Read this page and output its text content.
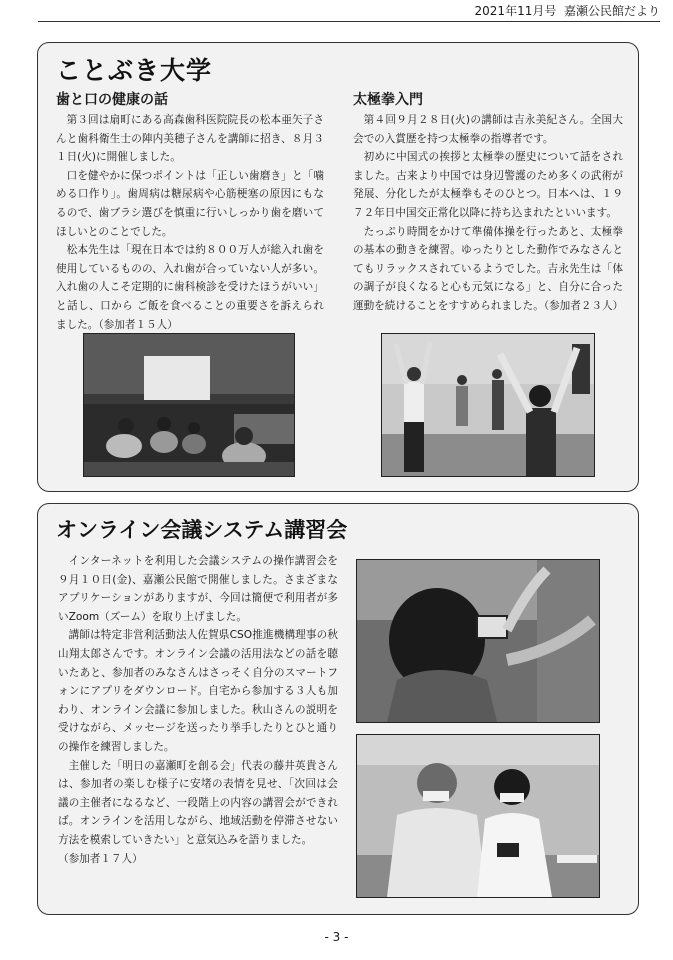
2021年11月号 嘉瀬公民館だより
ことぶき大学
歯と口の健康の話

第３回は扇町にある高森歯科医院院長の松本亜矢子さんと歯科衛生士の陣内美穂子さんを講師に招き、８月３１日(火)に開催しました。

口を健やかに保つポイントは「正しい歯磨き」と「噛める口作り」。歯周病は糖尿病や心筋梗塞の原因にもなるので、歯ブラシ選びを慎重に行いしっかり歯を磨いてほしいとのことでした。

松本先生は「現在日本では約８００万人が総入れ歯を使用しているものの、入れ歯が合っていない人が多い。入れ歯の人こそ定期的に歯科検診を受けたほうがいい」と話し、口から ご飯を食べることの重要さを訴えられました。（参加者１５人）

太極拳入門

第４回９月２８日(火)の講師は吉永美紀さん。全国大会での入賞歴を持つ太極拳の指導者です。

初めに中国式の挨拶と太極拳の歴史について話をされました。古来より中国では身辺警護のため多くの武術が発展、分化したが太極拳もそのひとつ。日本へは、１９７２年日中国交正常化以降に持ち込まれたといいます。

たっぷり時間をかけて準備体操を行ったあと、太極拳の基本の動きを練習。ゆったりとした動作でみなさんとてもリラックスされているようでした。吉永先生は「体の調子が良くなると心も元気になる」と、自分に合った運動を続けることをすすめられました。（参加者２３人）

オンライン会議システム講習会

インターネットを利用した会議システムの操作講習会を９月１０日(金)、嘉瀬公民館で開催しました。さまざまなアプリケーションがありますが、今回は簡便で利用者が多いZoom（ズーム）を取り上げました。

講師は特定非営利活動法人佐賀県CSO推進機構理事の秋山翔太郎さんです。オンライン会議の活用法などの話を聴いたあと、参加者のみなさんはさっそく自分のスマートフォンにアプリをダウンロード。自宅から参加する３人も加わり、オンライン会議に参加しました。秋山さんの説明を受けながら、メッセージを送ったり挙手したりとひと通りの操作を練習しました。

主催した「明日の嘉瀬町を創る会」代表の藤井英貴さんは、参加者の楽しむ様子に安堵の表情を見せ、「次回は会議の主催者になるなど、一段階上の内容の講習会ができれば。オンラインを活用しながら、地域活動を停滞させない方法を模索していきたい」と意気込みを語りました。

（参加者１７人）
- 3 -
